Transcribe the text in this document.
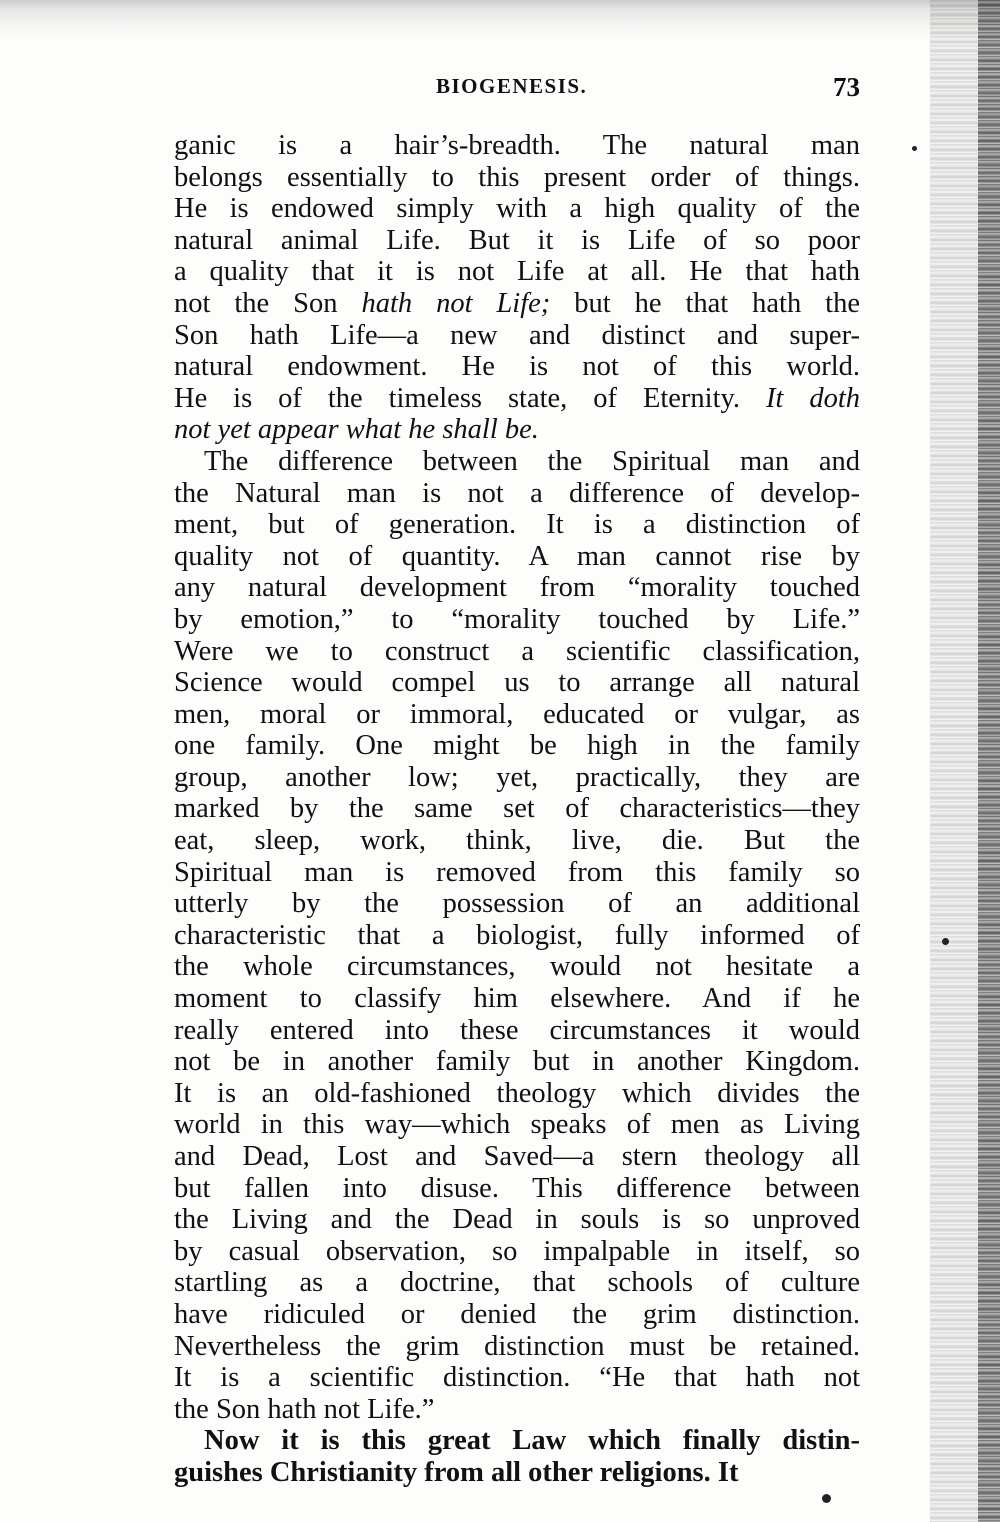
BIOGENESIS.	73
ganic is a hair’s-breadth. The natural man
belongs essentially to this present order of things.
He is endowed simply with a high quality of the
natural animal Life. But it is Life of so poor
a quality that it is not Life at all. He that hath
not the Son hath not Life; but he that hath the
Son hath Life—a new and distinct and super-
natural endowment. He is not of this world.
He is of the timeless state, of Eternity. It doth
not yet appear what he shall be.
The difference between the Spiritual man and
the Natural man is not a difference of develop-
ment, but of generation. It is a distinction of
quality not of quantity. A man cannot rise by
any natural development from “morality touched
by emotion,” to “morality touched by Life.”
Were we to construct a scientific classification,
Science would compel us to arrange all natural
men, moral or immoral, educated or vulgar, as
one family. One might be high in the family
group, another low; yet, practically, they are
marked by the same set of characteristics—they
eat, sleep, work, think, live, die. But the
Spiritual man is removed from this family so
utterly by the possession of an additional
characteristic that a biologist, fully informed of
the whole circumstances, would not hesitate a
moment to classify him elsewhere. And if he
really entered into these circumstances it would
not be in another family but in another Kingdom.
It is an old-fashioned theology which divides the
world in this way—which speaks of men as Living
and Dead, Lost and Saved—a stern theology all
but fallen into disuse. This difference between
the Living and the Dead in souls is so unproved
by casual observation, so impalpable in itself, so
startling as a doctrine, that schools of culture
have ridiculed or denied the grim distinction.
Nevertheless the grim distinction must be retained.
It is a scientific distinction. “He that hath not
the Son hath not Life.”
Now it is this great Law which finally distin-
guishes Christianity from all other religions. It
